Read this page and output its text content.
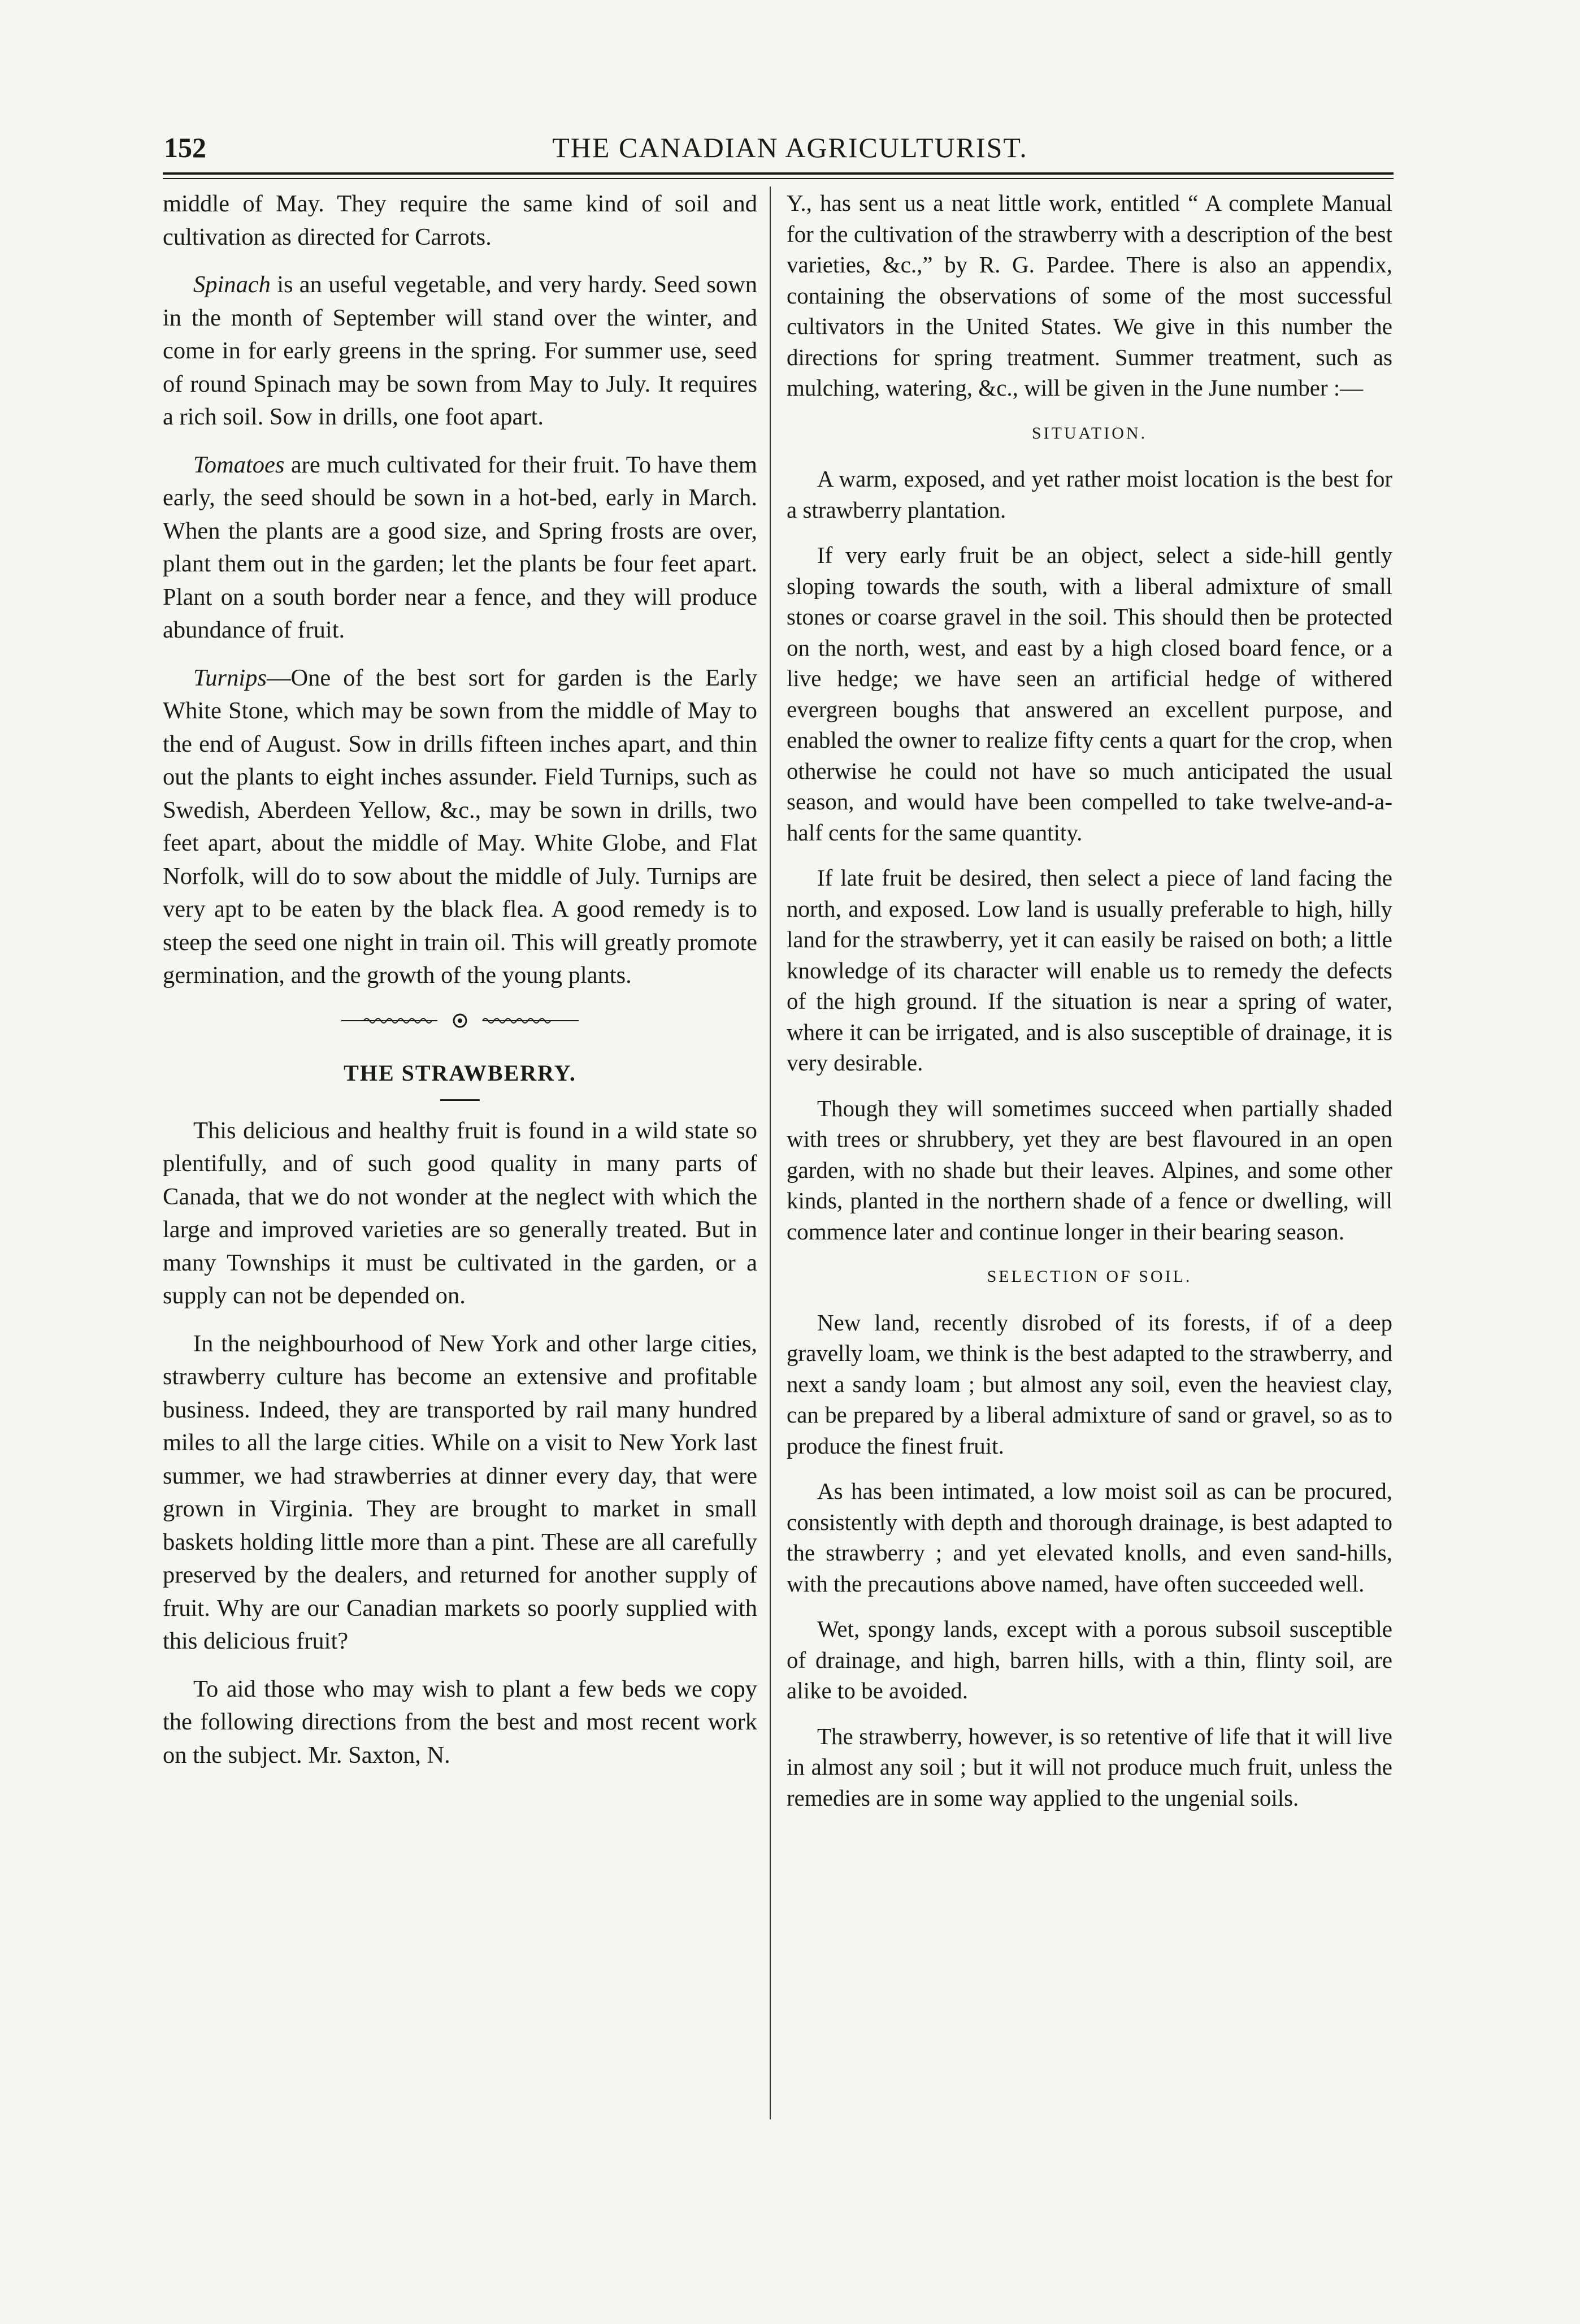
152	THE CANADIAN AGRICULTURIST.

middle of May. They require the same kind of soil and cultivation as directed for Carrots.

Spinach is an useful vegetable, and very hardy. Seed sown in the month of September will stand over the winter, and come in for early greens in the spring. For summer use, seed of round Spinach may be sown from May to July. It requires a rich soil. Sow in drills, one foot apart.

Tomatoes are much cultivated for their fruit. To have them early, the seed should be sown in a hot-bed, early in March. When the plants are a good size, and Spring frosts are over, plant them out in the garden; let the plants be four feet apart. Plant on a south border near a fence, and they will produce abundance of fruit.

Turnips—One of the best sort for garden is the Early White Stone, which may be sown from the middle of May to the end of August. Sow in drills fifteen inches apart, and thin out the plants to eight inches assunder. Field Turnips, such as Swedish, Aberdeen Yellow, &c., may be sown in drills, two feet apart, about the middle of May. White Globe, and Flat Norfolk, will do to sow about the middle of July. Turnips are very apt to be eaten by the black flea. A good remedy is to steep the seed one night in train oil. This will greatly promote germination, and the growth of the young plants.

THE STRAWBERRY.

This delicious and healthy fruit is found in a wild state so plentifully, and of such good quality in many parts of Canada, that we do not wonder at the neglect with which the large and improved varieties are so generally treated. But in many Townships it must be cultivated in the garden, or a supply can not be depended on.

In the neighbourhood of New York and other large cities, strawberry culture has become an extensive and profitable business. Indeed, they are transported by rail many hundred miles to all the large cities. While on a visit to New York last summer, we had strawberries at dinner every day, that were grown in Virginia. They are brought to market in small baskets holding little more than a pint. These are all carefully preserved by the dealers, and returned for another supply of fruit. Why are our Canadian markets so poorly supplied with this delicious fruit?

To aid those who may wish to plant a few beds we copy the following directions from the best and most recent work on the subject. Mr. Saxton, N.

Y., has sent us a neat little work, entitled “ A complete Manual for the cultivation of the strawberry with a description of the best varieties, &c.,” by R. G. Pardee. There is also an appendix, containing the observations of some of the most successful cultivators in the United States. We give in this number the directions for spring treatment. Summer treatment, such as mulching, watering, &c., will be given in the June number :—

SITUATION.

A warm, exposed, and yet rather moist location is the best for a strawberry plantation.

If very early fruit be an object, select a side-hill gently sloping towards the south, with a liberal admixture of small stones or coarse gravel in the soil. This should then be protected on the north, west, and east by a high closed board fence, or a live hedge; we have seen an artificial hedge of withered evergreen boughs that answered an excellent purpose, and enabled the owner to realize fifty cents a quart for the crop, when otherwise he could not have so much anticipated the usual season, and would have been compelled to take twelve-and-a-half cents for the same quantity.

If late fruit be desired, then select a piece of land facing the north, and exposed. Low land is usually preferable to high, hilly land for the strawberry, yet it can easily be raised on both; a little knowledge of its character will enable us to remedy the defects of the high ground. If the situation is near a spring of water, where it can be irrigated, and is also susceptible of drainage, it is very desirable.

Though they will sometimes succeed when partially shaded with trees or shrubbery, yet they are best flavoured in an open garden, with no shade but their leaves. Alpines, and some other kinds, planted in the northern shade of a fence or dwelling, will commence later and continue longer in their bearing season.

SELECTION OF SOIL.

New land, recently disrobed of its forests, if of a deep gravelly loam, we think is the best adapted to the strawberry, and next a sandy loam ; but almost any soil, even the heaviest clay, can be prepared by a liberal admixture of sand or gravel, so as to produce the finest fruit.

As has been intimated, a low moist soil as can be procured, consistently with depth and thorough drainage, is best adapted to the strawberry ; and yet elevated knolls, and even sand-hills, with the precautions above named, have often succeeded well.

Wet, spongy lands, except with a porous subsoil susceptible of drainage, and high, barren hills, with a thin, flinty soil, are alike to be avoided.

The strawberry, however, is so retentive of life that it will live in almost any soil ; but it will not produce much fruit, unless the remedies are in some way applied to the ungenial soils.
